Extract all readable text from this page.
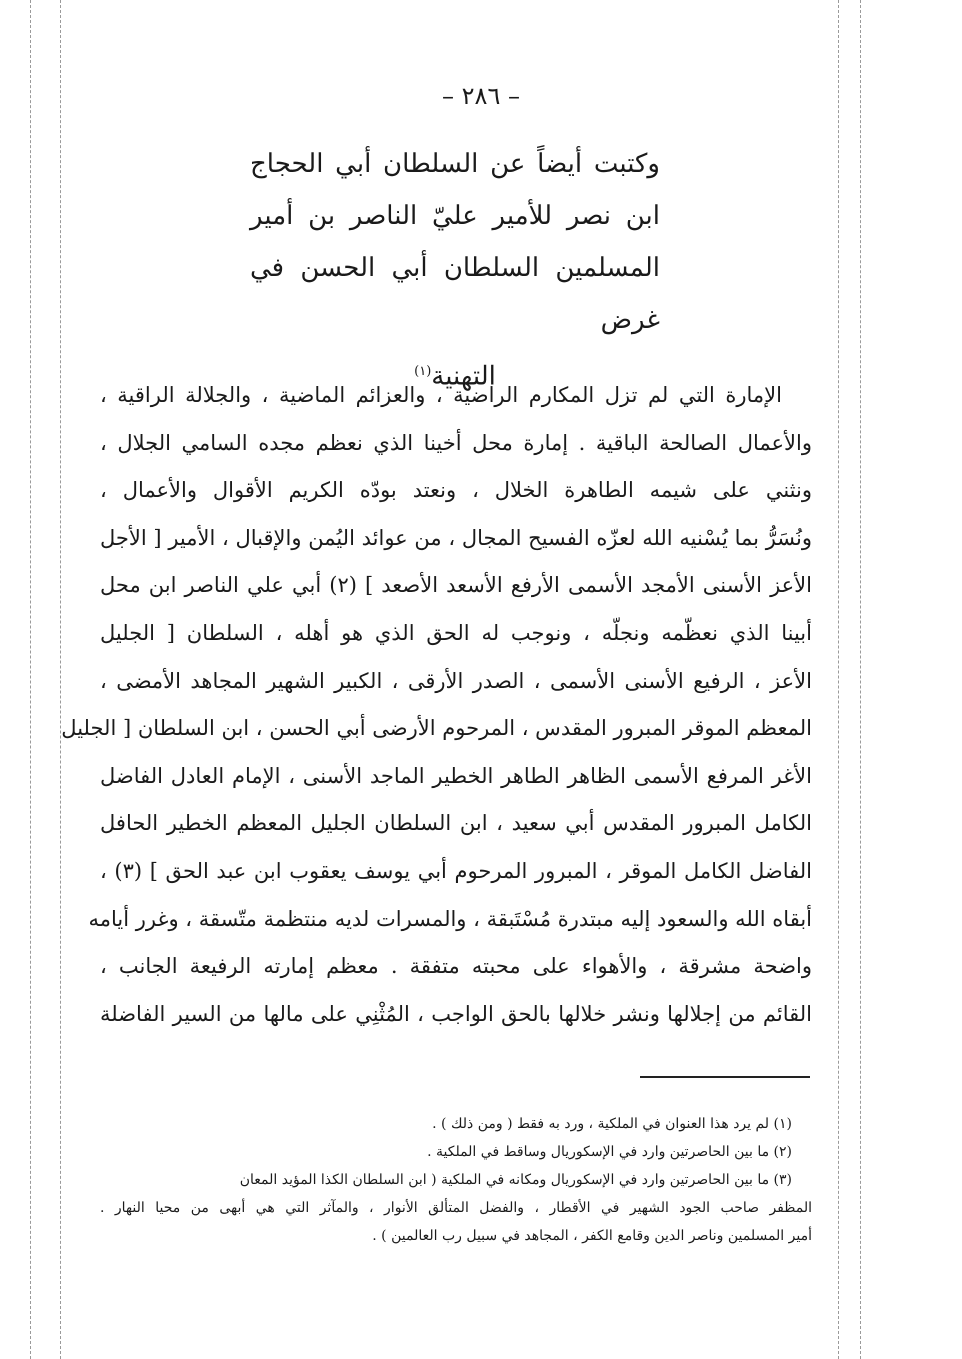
– ٢٨٦ –
وكتبت أيضاً عن السلطان أبي الحجاج
ابن نصر للأمير عليّ الناصر بن أمير
المسلمين السلطان أبي الحسن في غرض
التهنية$^{(١)}$
الإمارة التي لم تزل المكارم الراضية ، والعزائم الماضية ، والجلالة الراقية ،
والأعمال الصالحة الباقية . إمارة محل أخينا الذي نعظم مجده السامي الجلال ،
ونثني على شيمه الطاهرة الخلال ، ونعتد بودّه الكريم الأقوال والأعمال ،
ونُسَرُّ بما يُسْنيه الله لعزّه الفسيح المجال ، من عوائد اليُمن والإقبال ، الأمير [ الأجل
الأعز الأسنى الأمجد الأسمى الأرفع الأسعد الأصعد ] (٢) أبي علي الناصر ابن محل
أبينا الذي نعظّمه ونجلّه ، ونوجب له الحق الذي هو أهله ، السلطان [ الجليل
الأعز ، الرفيع الأسنى الأسمى ، الصدر الأرقى ، الكبير الشهير المجاهد الأمضى ،
المعظم الموقر المبرور المقدس ، المرحوم الأرضى أبي الحسن ، ابن السلطان [ الجليل
الأغر المرفع الأسمى الظاهر الطاهر الخطير الماجد الأسنى ، الإمام العادل الفاضل
الكامل المبرور المقدس أبي سعيد ، ابن السلطان الجليل المعظم الخطير الحافل
الفاضل الكامل الموقر ، المبرور المرحوم أبي يوسف يعقوب ابن عبد الحق ] (٣) ،
أبقاه الله والسعود إليه مبتدرة مُسْتَبقة ، والمسرات لديه منتظمة متّسقة ، وغرر أيامه
واضحة مشرقة ، والأهواء على محبته متفقة . معظم إمارته الرفيعة الجانب ،
القائم من إجلالها ونشر خلالها بالحق الواجب ، المُثْنِي على مالها من السير الفاضلة
(١) لم يرد هذا العنوان في الملكية ، ورد به فقط ( ومن ذلك ) .
(٢) ما بين الحاصرتين وارد في الإسكوريال وساقط في الملكية .
(٣) ما بين الحاصرتين وارد في الإسكوريال ومكانه في الملكية ( ابن السلطان الكذا المؤيد المعان
المظفر صاحب الجود الشهير في الأقطار ، والفضل المتألق الأنوار ، والمآثر التي هي أبهى من محيا النهار .
أمير المسلمين وناصر الدين وقامع الكفر ، المجاهد في سبيل رب العالمين ) .
